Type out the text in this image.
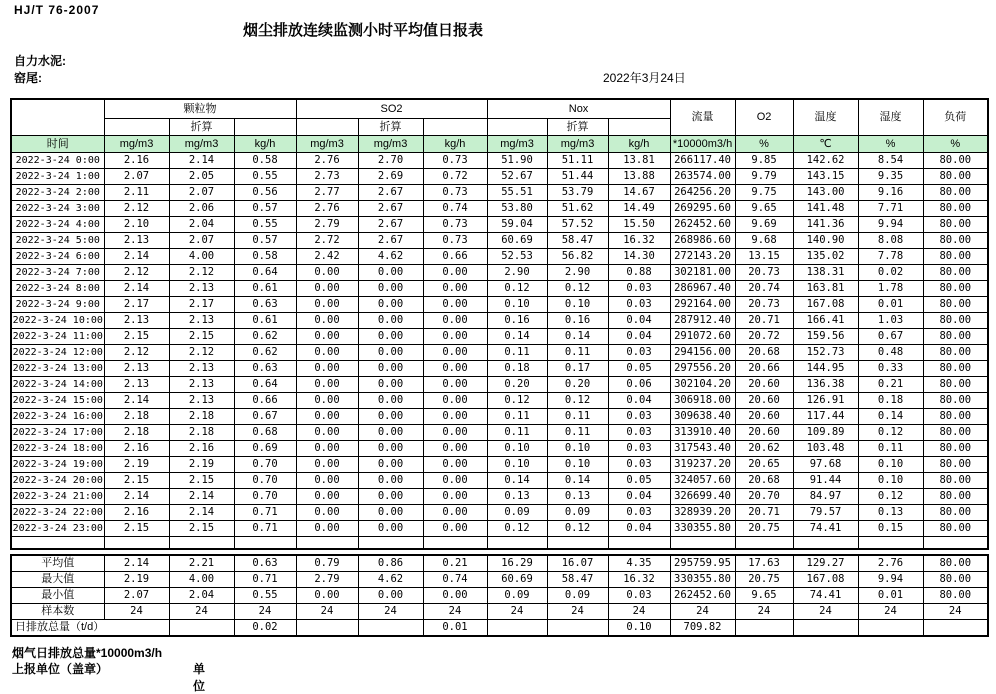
HJ/T 76-2007
烟尘排放连续监测小时平均值日报表
自力水泥:
窑尾:	2022年3月24日
	颗粒物			SO2			Nox			流量	O2	温度	湿度	负荷
		折算			折算			折算						
时间	mg/m3	mg/m3	kg/h	mg/m3	mg/m3	kg/h	mg/m3	mg/m3	kg/h	*10000m3/h	%	℃	%	%
2022-3-24 0:00	2.16	2.14	0.58	2.76	2.70	0.73	51.90	51.11	13.81	266117.40	9.85	142.62	8.54	80.00
2022-3-24 1:00	2.07	2.05	0.55	2.73	2.69	0.72	52.67	51.44	13.88	263574.00	9.79	143.15	9.35	80.00
2022-3-24 2:00	2.11	2.07	0.56	2.77	2.67	0.73	55.51	53.79	14.67	264256.20	9.75	143.00	9.16	80.00
2022-3-24 3:00	2.12	2.06	0.57	2.76	2.67	0.74	53.80	51.62	14.49	269295.60	9.65	141.48	7.71	80.00
2022-3-24 4:00	2.10	2.04	0.55	2.79	2.67	0.73	59.04	57.52	15.50	262452.60	9.69	141.36	9.94	80.00
2022-3-24 5:00	2.13	2.07	0.57	2.72	2.67	0.73	60.69	58.47	16.32	268986.60	9.68	140.90	8.08	80.00
2022-3-24 6:00	2.14	4.00	0.58	2.42	4.62	0.66	52.53	56.82	14.30	272143.20	13.15	135.02	7.78	80.00
2022-3-24 7:00	2.12	2.12	0.64	0.00	0.00	0.00	2.90	2.90	0.88	302181.00	20.73	138.31	0.02	80.00
2022-3-24 8:00	2.14	2.13	0.61	0.00	0.00	0.00	0.12	0.12	0.03	286967.40	20.74	163.81	1.78	80.00
2022-3-24 9:00	2.17	2.17	0.63	0.00	0.00	0.00	0.10	0.10	0.03	292164.00	20.73	167.08	0.01	80.00
2022-3-24 10:00	2.13	2.13	0.61	0.00	0.00	0.00	0.16	0.16	0.04	287912.40	20.71	166.41	1.03	80.00
2022-3-24 11:00	2.15	2.15	0.62	0.00	0.00	0.00	0.14	0.14	0.04	291072.60	20.72	159.56	0.67	80.00
2022-3-24 12:00	2.12	2.12	0.62	0.00	0.00	0.00	0.11	0.11	0.03	294156.00	20.68	152.73	0.48	80.00
2022-3-24 13:00	2.13	2.13	0.63	0.00	0.00	0.00	0.18	0.17	0.05	297556.20	20.66	144.95	0.33	80.00
2022-3-24 14:00	2.13	2.13	0.64	0.00	0.00	0.00	0.20	0.20	0.06	302104.20	20.60	136.38	0.21	80.00
2022-3-24 15:00	2.14	2.13	0.66	0.00	0.00	0.00	0.12	0.12	0.04	306918.00	20.60	126.91	0.18	80.00
2022-3-24 16:00	2.18	2.18	0.67	0.00	0.00	0.00	0.11	0.11	0.03	309638.40	20.60	117.44	0.14	80.00
2022-3-24 17:00	2.18	2.18	0.68	0.00	0.00	0.00	0.11	0.11	0.03	313910.40	20.60	109.89	0.12	80.00
2022-3-24 18:00	2.16	2.16	0.69	0.00	0.00	0.00	0.10	0.10	0.03	317543.40	20.62	103.48	0.11	80.00
2022-3-24 19:00	2.19	2.19	0.70	0.00	0.00	0.00	0.10	0.10	0.03	319237.20	20.65	97.68	0.10	80.00
2022-3-24 20:00	2.15	2.15	0.70	0.00	0.00	0.00	0.14	0.14	0.05	324057.60	20.68	91.44	0.10	80.00
2022-3-24 21:00	2.14	2.14	0.70	0.00	0.00	0.00	0.13	0.13	0.04	326699.40	20.70	84.97	0.12	80.00
2022-3-24 22:00	2.16	2.14	0.71	0.00	0.00	0.00	0.09	0.09	0.03	328939.20	20.71	79.57	0.13	80.00
2022-3-24 23:00	2.15	2.15	0.71	0.00	0.00	0.00	0.12	0.12	0.04	330355.80	20.75	74.41	0.15	80.00

平均值	2.14	2.21	0.63	0.79	0.86	0.21	16.29	16.07	4.35	295759.95	17.63	129.27	2.76	80.00
最大值	2.19	4.00	0.71	2.79	4.62	0.74	60.69	58.47	16.32	330355.80	20.75	167.08	9.94	80.00
最小值	2.07	2.04	0.55	0.00	0.00	0.00	0.09	0.09	0.03	262452.60	9.65	74.41	0.01	80.00
样本数	24	24	24	24	24	24	24	24	24	24	24	24	24	24
日排放总量（t/d）			0.02			0.01			0.10	709.82				
烟气日排放总量*10000m3/h
上报单位（盖章）	单位
